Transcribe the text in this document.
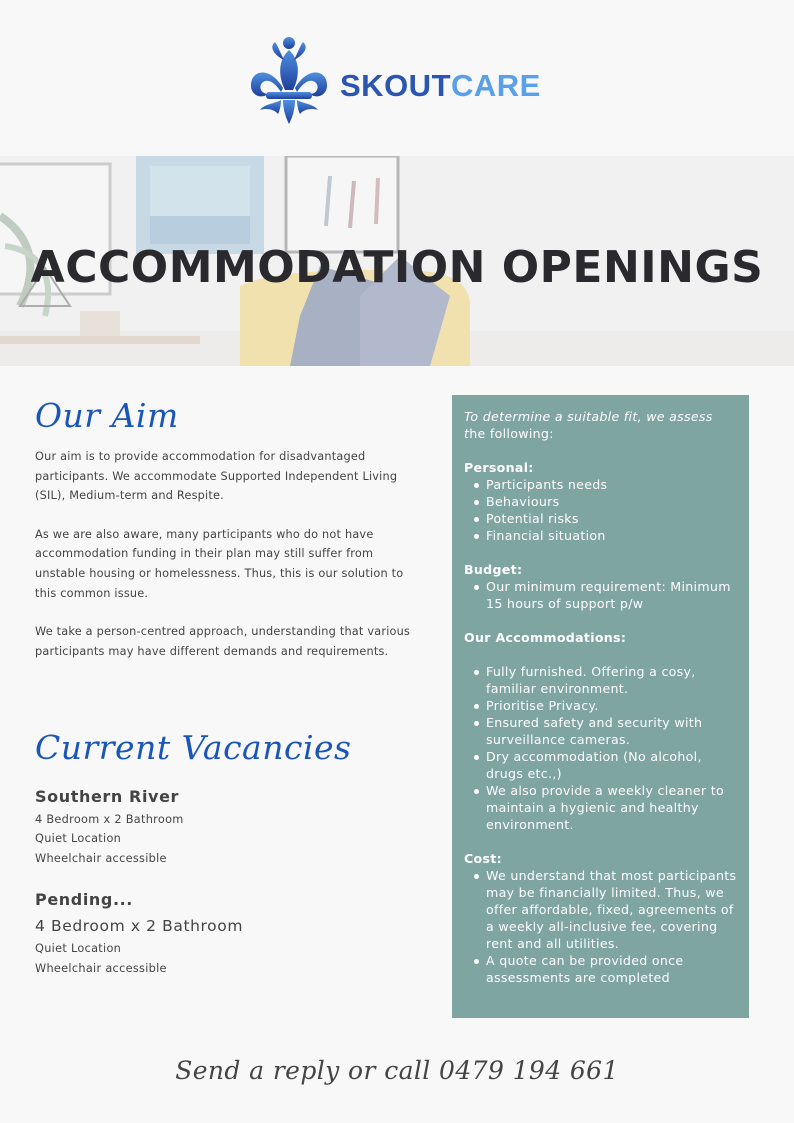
SKOUTCARE
ACCOMMODATION OPENINGS
Our Aim

Our aim is to provide accommodation for disadvantaged participants. We accommodate Supported Independent Living (SIL), Medium-term and Respite.

As we are also aware, many participants who do not have accommodation funding in their plan may still suffer from unstable housing or homelessness. Thus, this is our solution to this common issue.

We take a person-centred approach, understanding that various participants may have different demands and requirements.

Current Vacancies
Southern River
4 Bedroom x 2 Bathroom
Quiet Location
Wheelchair accessible
Pending...
4 Bedroom x 2 Bathroom
Quiet Location
Wheelchair accessible
To determine a suitable fit, we assess the following:
Personal:
Participants needs
Behaviours
Potential risks
Financial situation
Budget:
Our minimum requirement: Minimum 15 hours of support p/w
Our Accommodations:
Fully furnished. Offering a cosy, familiar environment.
Prioritise Privacy.
Ensured safety and security with surveillance cameras.
Dry accommodation (No alcohol, drugs etc.,)
We also provide a weekly cleaner to maintain a hygienic and healthy environment.
Cost:
We understand that most participants may be financially limited. Thus, we offer affordable, fixed, agreements of a weekly all-inclusive fee, covering rent and all utilities.
A quote can be provided once assessments are completed
Send a reply or call 0479 194 661
